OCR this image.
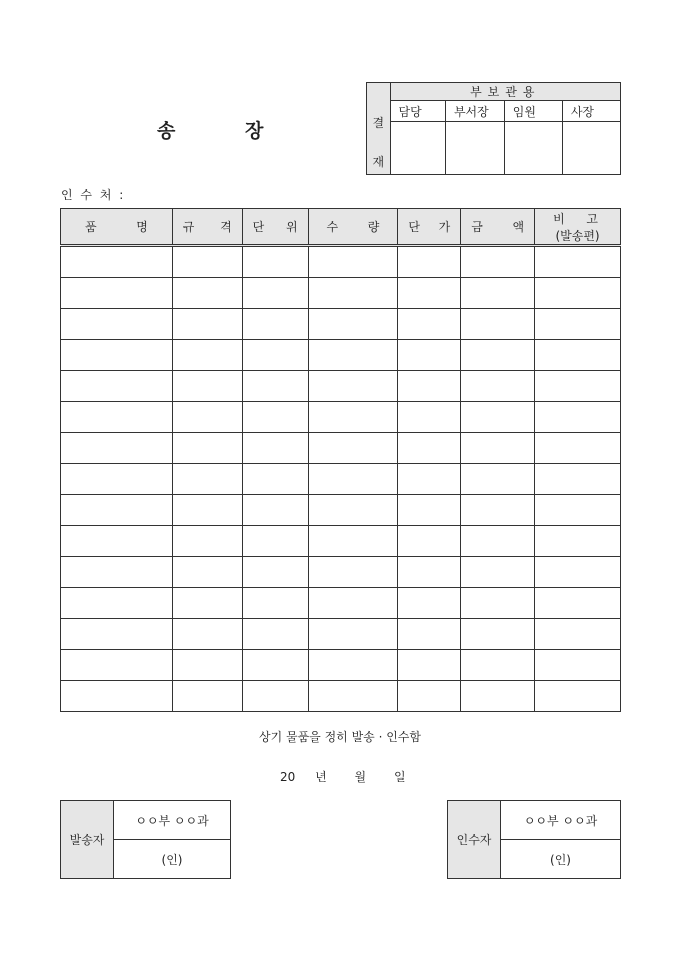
송	장	결
재	부보관용			
	담당	부서장	임원	사장

인 수 처 :
품 명	규 격	단 위	수 량	단 가	금 액	비 고
(발송편)

상기 물품을 정히 발송 · 인수함
20 년 월 일
발송자	ㅇㅇ부 ㅇㅇ과
(인)
인수자	ㅇㅇ부 ㅇㅇ과
(인)
